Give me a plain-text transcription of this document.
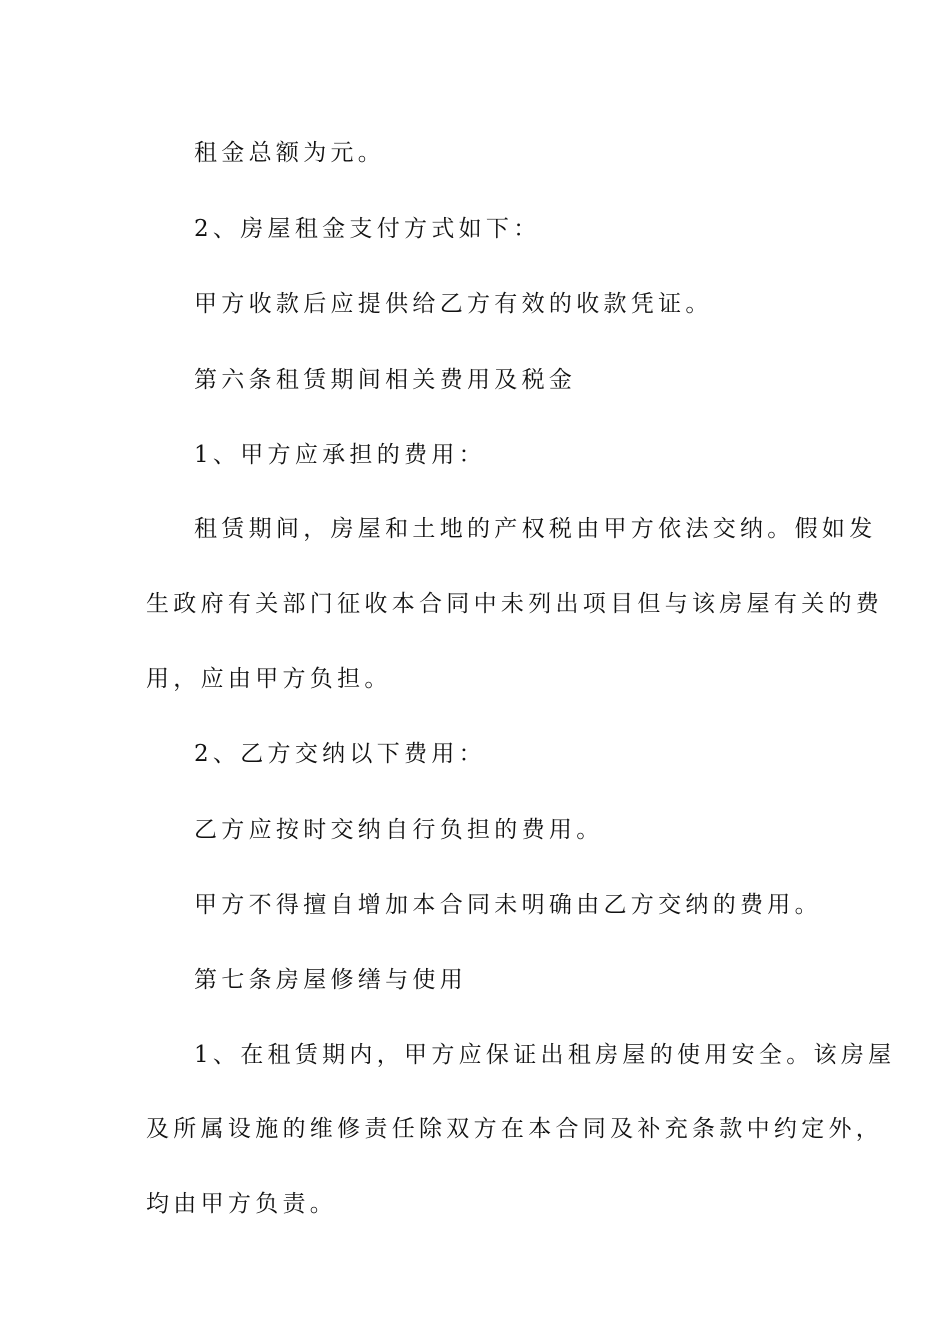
租金总额为元。
2、房屋租金支付方式如下：
甲方收款后应提供给乙方有效的收款凭证。
第六条租赁期间相关费用及税金
1、甲方应承担的费用：
租赁期间，房屋和土地的产权税由甲方依法交纳。假如发
生政府有关部门征收本合同中未列出项目但与该房屋有关的费
用，应由甲方负担。
2、乙方交纳以下费用：
乙方应按时交纳自行负担的费用。
甲方不得擅自增加本合同未明确由乙方交纳的费用。
第七条房屋修缮与使用
1、在租赁期内，甲方应保证出租房屋的使用安全。该房屋
及所属设施的维修责任除双方在本合同及补充条款中约定外，
均由甲方负责。
